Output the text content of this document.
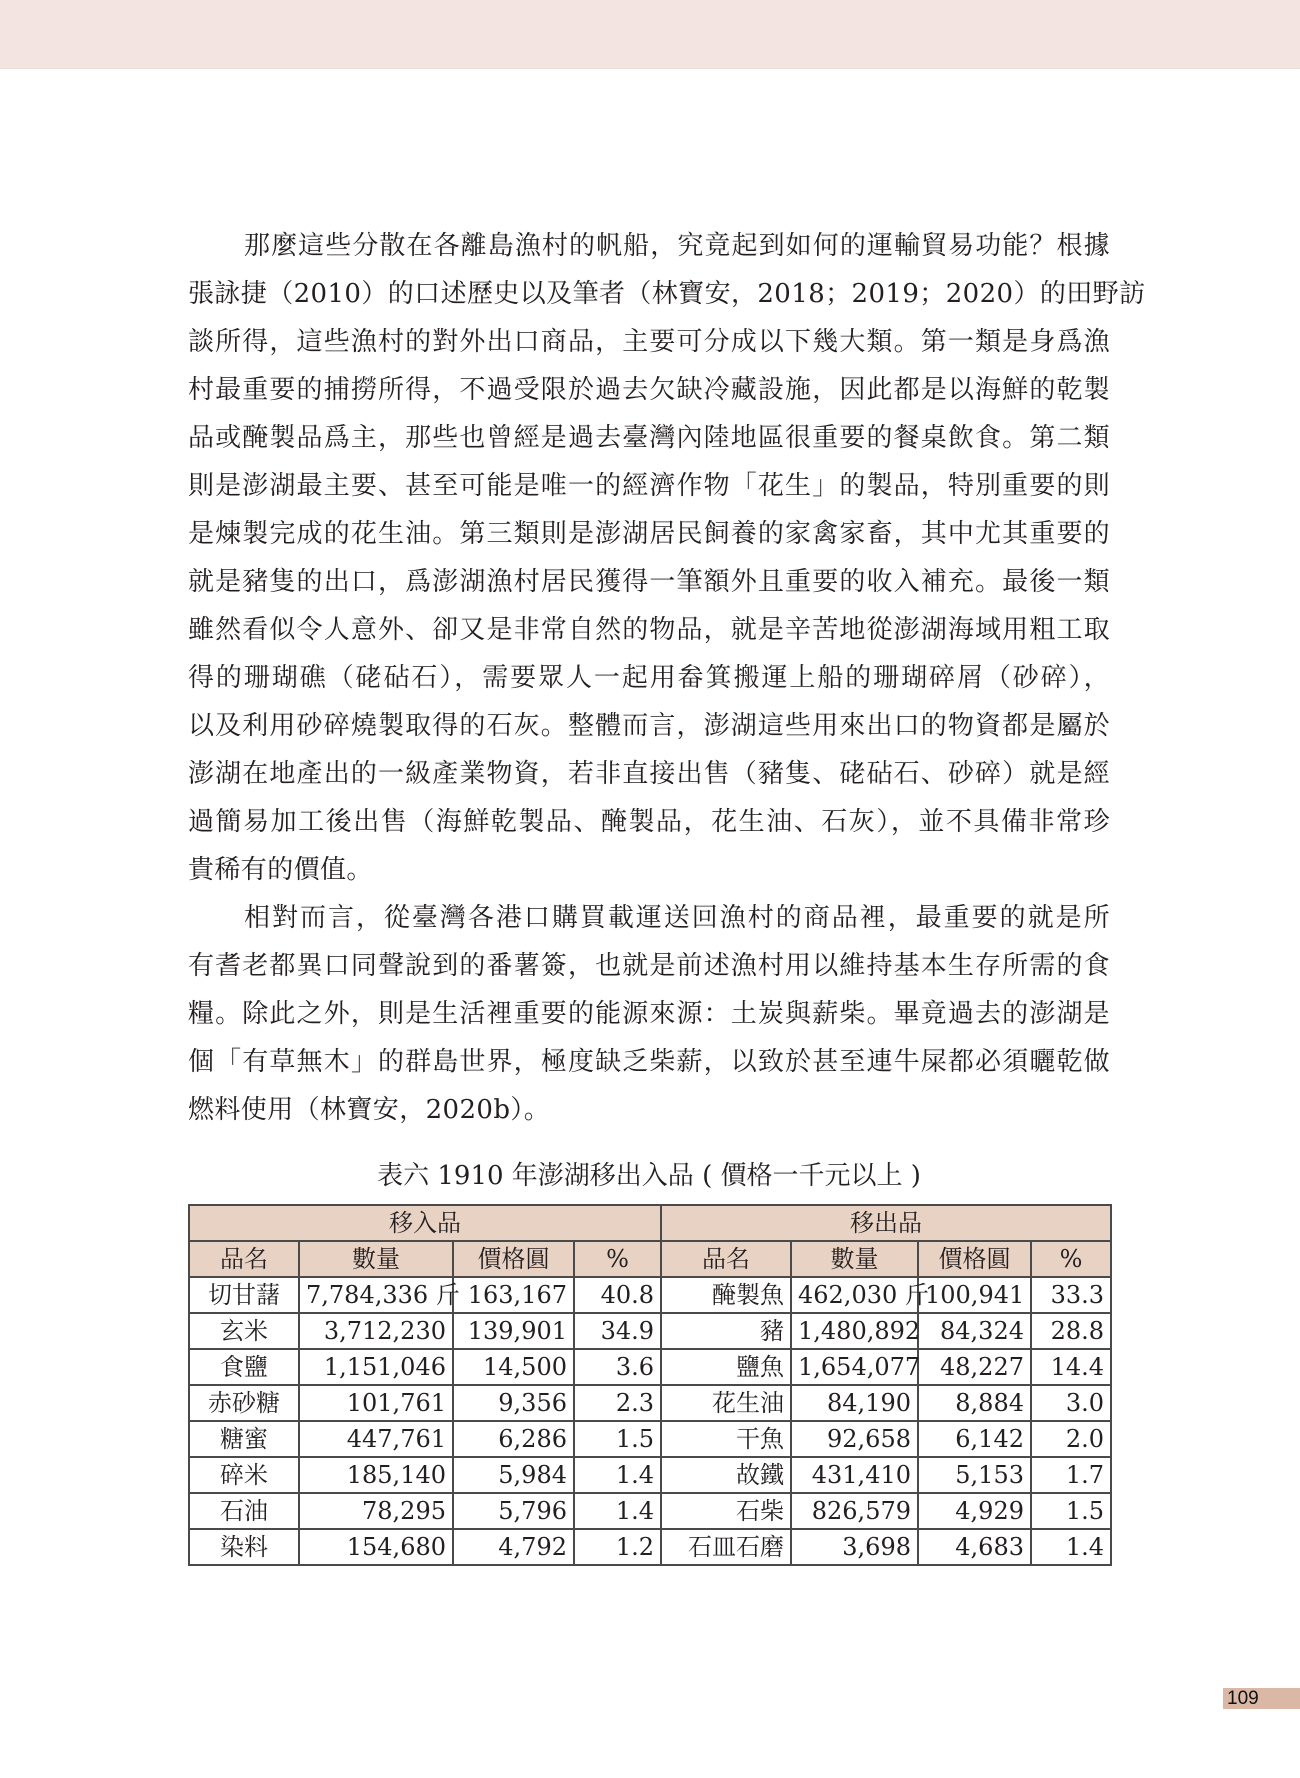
那麼這些分散在各離島漁村的帆船，究竟起到如何的運輸貿易功能？根據
張詠捷（2010）的口述歷史以及筆者（林寶安，2018；2019；2020）的田野訪
談所得，這些漁村的對外出口商品，主要可分成以下幾大類。第一類是身爲漁
村最重要的捕撈所得，不過受限於過去欠缺冷藏設施，因此都是以海鮮的乾製
品或醃製品爲主，那些也曾經是過去臺灣內陸地區很重要的餐桌飲食。第二類
則是澎湖最主要、甚至可能是唯一的經濟作物「花生」的製品，特別重要的則
是煉製完成的花生油。第三類則是澎湖居民飼養的家禽家畜，其中尤其重要的
就是豬隻的出口，爲澎湖漁村居民獲得一筆額外且重要的收入補充。最後一類
雖然看似令人意外、卻又是非常自然的物品，就是辛苦地從澎湖海域用粗工取
得的珊瑚礁（硓砧石），需要眾人一起用畚箕搬運上船的珊瑚碎屑（砂碎），
以及利用砂碎燒製取得的石灰。整體而言，澎湖這些用來出口的物資都是屬於
澎湖在地產出的一級產業物資，若非直接出售（豬隻、硓砧石、砂碎）就是經
過簡易加工後出售（海鮮乾製品、醃製品，花生油、石灰），並不具備非常珍
貴稀有的價值。
相對而言，從臺灣各港口購買載運送回漁村的商品裡，最重要的就是所
有耆老都異口同聲說到的番薯簽，也就是前述漁村用以維持基本生存所需的食
糧。除此之外，則是生活裡重要的能源來源：土炭與薪柴。畢竟過去的澎湖是
個「有草無木」的群島世界，極度缺乏柴薪，以致於甚至連牛屎都必須曬乾做
燃料使用（林寶安，2020b）。
表六 1910 年澎湖移出入品 ( 價格一千元以上 )
移入品				移出品			
品名	數量	價格圓	%	品名	數量	價格圓	%
切甘藷	7,784,336 斤	163,167	40.8	醃製魚	462,030 斤	100,941	33.3
玄米	3,712,230	139,901	34.9	豬	1,480,892	84,324	28.8
食鹽	1,151,046	14,500	3.6	鹽魚	1,654,077	48,227	14.4
赤砂糖	101,761	9,356	2.3	花生油	84,190	8,884	3.0
糖蜜	447,761	6,286	1.5	干魚	92,658	6,142	2.0
碎米	185,140	5,984	1.4	故鐵	431,410	5,153	1.7
石油	78,295	5,796	1.4	石柴	826,579	4,929	1.5
染料	154,680	4,792	1.2	石皿石磨	3,698	4,683	1.4
109
